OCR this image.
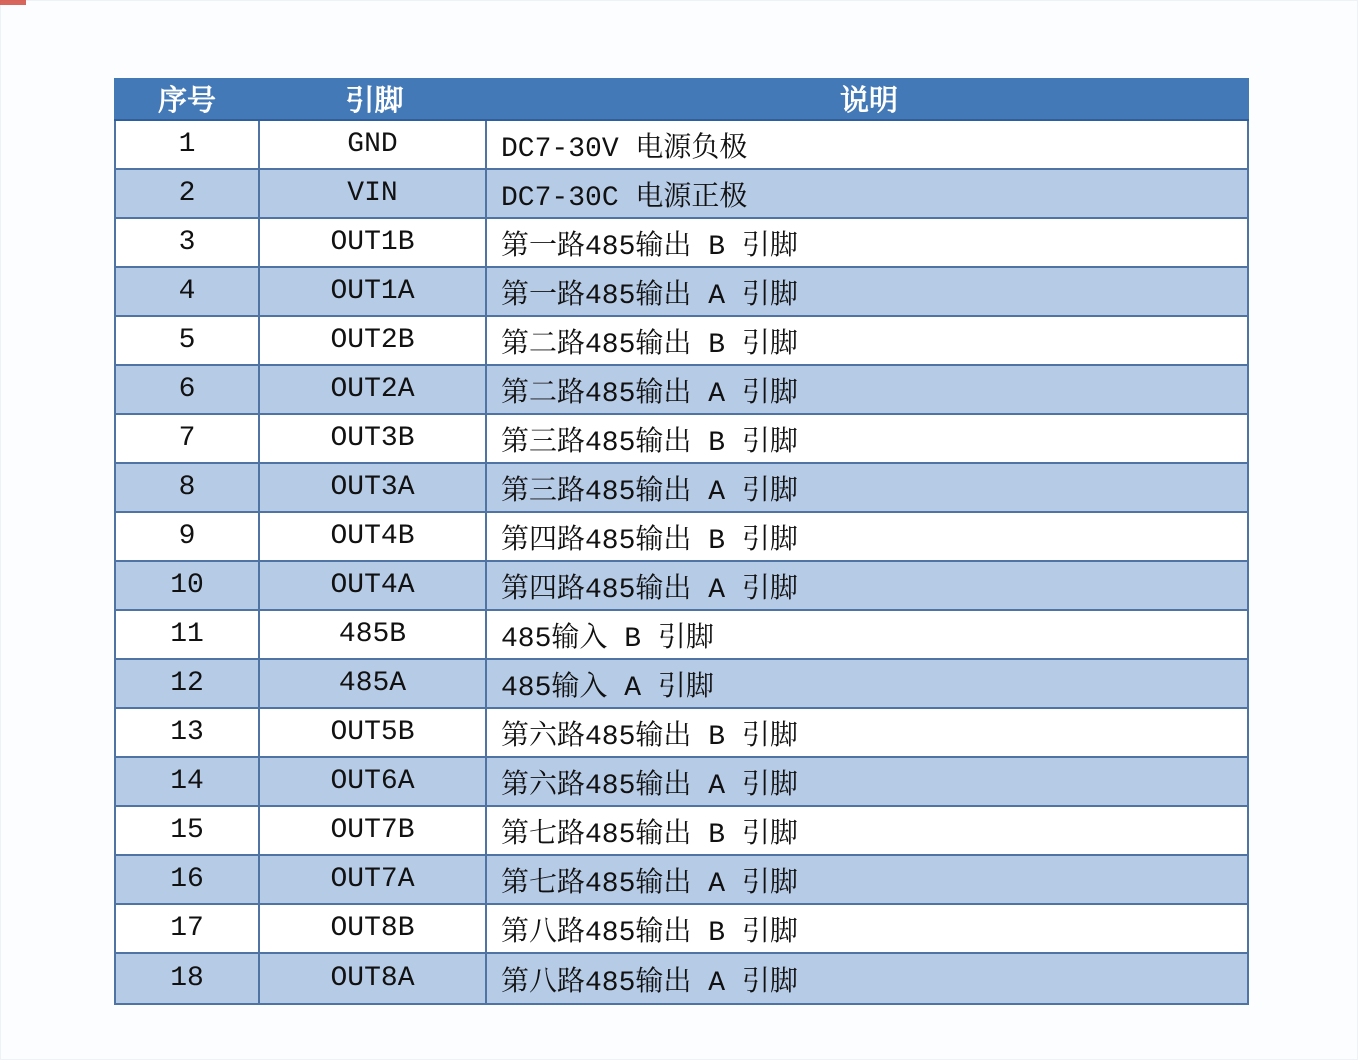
序号	引脚	说明
1	GND	DC7-30V 电源负极
2	VIN	DC7-30C 电源正极
3	OUT1B	第一路485输出 B 引脚
4	OUT1A	第一路485输出 A 引脚
5	OUT2B	第二路485输出 B 引脚
6	OUT2A	第二路485输出 A 引脚
7	OUT3B	第三路485输出 B 引脚
8	OUT3A	第三路485输出 A 引脚
9	OUT4B	第四路485输出 B 引脚
10	OUT4A	第四路485输出 A 引脚
11	485B	485输入 B 引脚
12	485A	485输入 A 引脚
13	OUT5B	第六路485输出 B 引脚
14	OUT6A	第六路485输出 A 引脚
15	OUT7B	第七路485输出 B 引脚
16	OUT7A	第七路485输出 A 引脚
17	OUT8B	第八路485输出 B 引脚
18	OUT8A	第八路485输出 A 引脚
